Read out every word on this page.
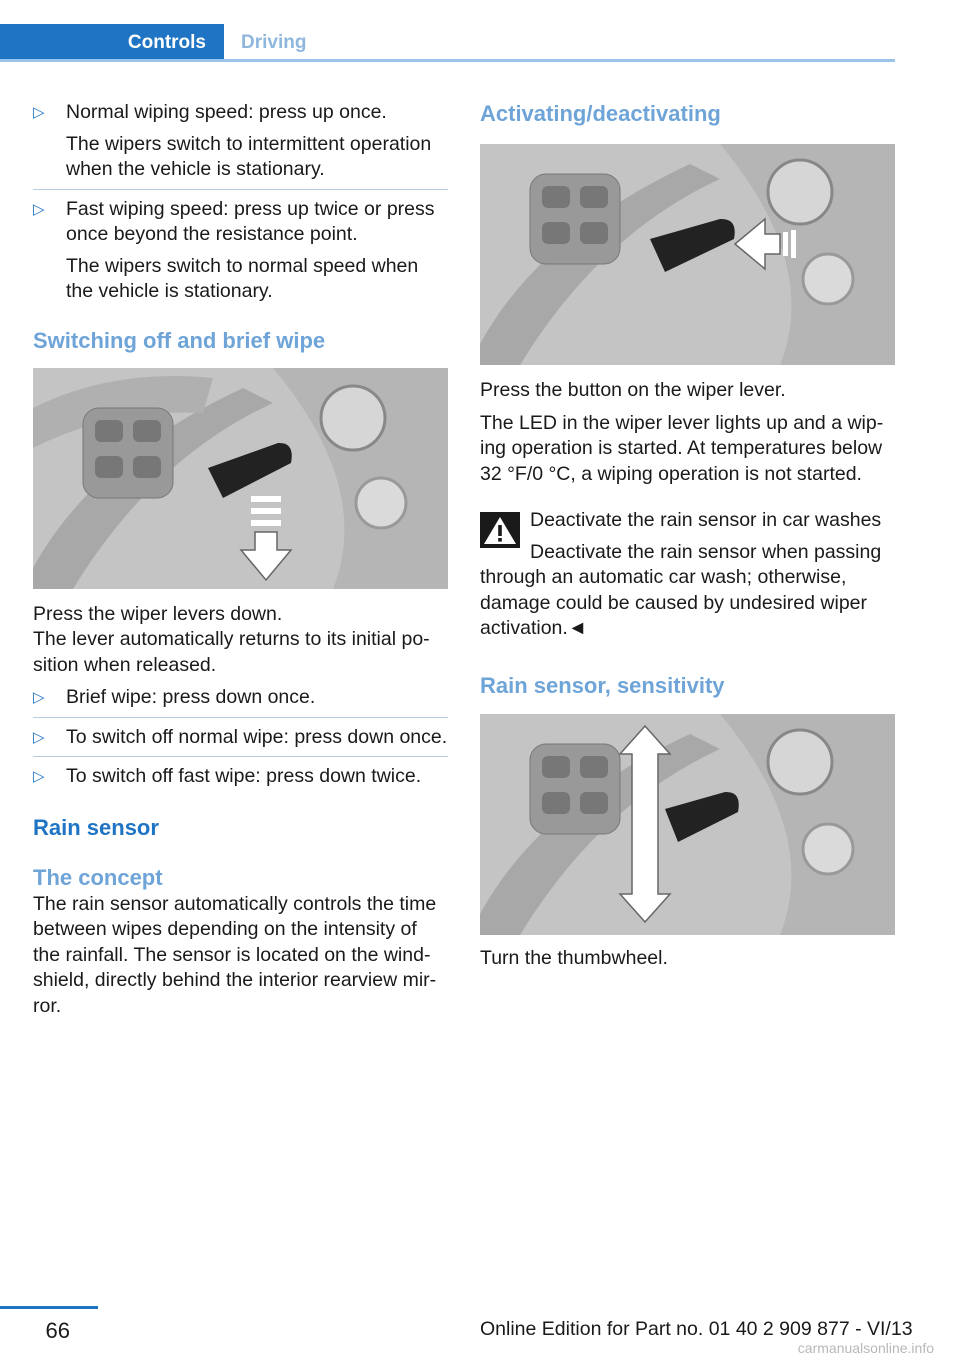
Controls	Driving
▷ Normal wiping speed: press up once.

The wipers switch to intermittent operation when the vehicle is stationary.

▷ Fast wiping speed: press up twice or press once beyond the resistance point.

The wipers switch to normal speed when the vehicle is stationary.

Switching off and brief wipe

Press the wiper levers down.

The lever automatically returns to its initial po-sition when released.

▷ Brief wipe: press down once.
▷ To switch off normal wipe: press down once.
▷ To switch off fast wipe: press down twice.
Rain sensor
The concept

The rain sensor automatically controls the time between wipes depending on the intensity of the rainfall. The sensor is located on the wind-shield, directly behind the interior rearview mir-ror.

Activating/deactivating

Press the button on the wiper lever.

The LED in the wiper lever lights up and a wip-ing operation is started. At temperatures below 32 °F/0 °C, a wiping operation is not started.

Deactivate the rain sensor in car washes

Deactivate the rain sensor when passing through an automatic car wash; otherwise, damage could be caused by undesired wiper activation.◄

Rain sensor, sensitivity

Turn the thumbwheel.

66	Online Edition for Part no. 01 40 2 909 877 - VI/13
carmanualsonline.info
